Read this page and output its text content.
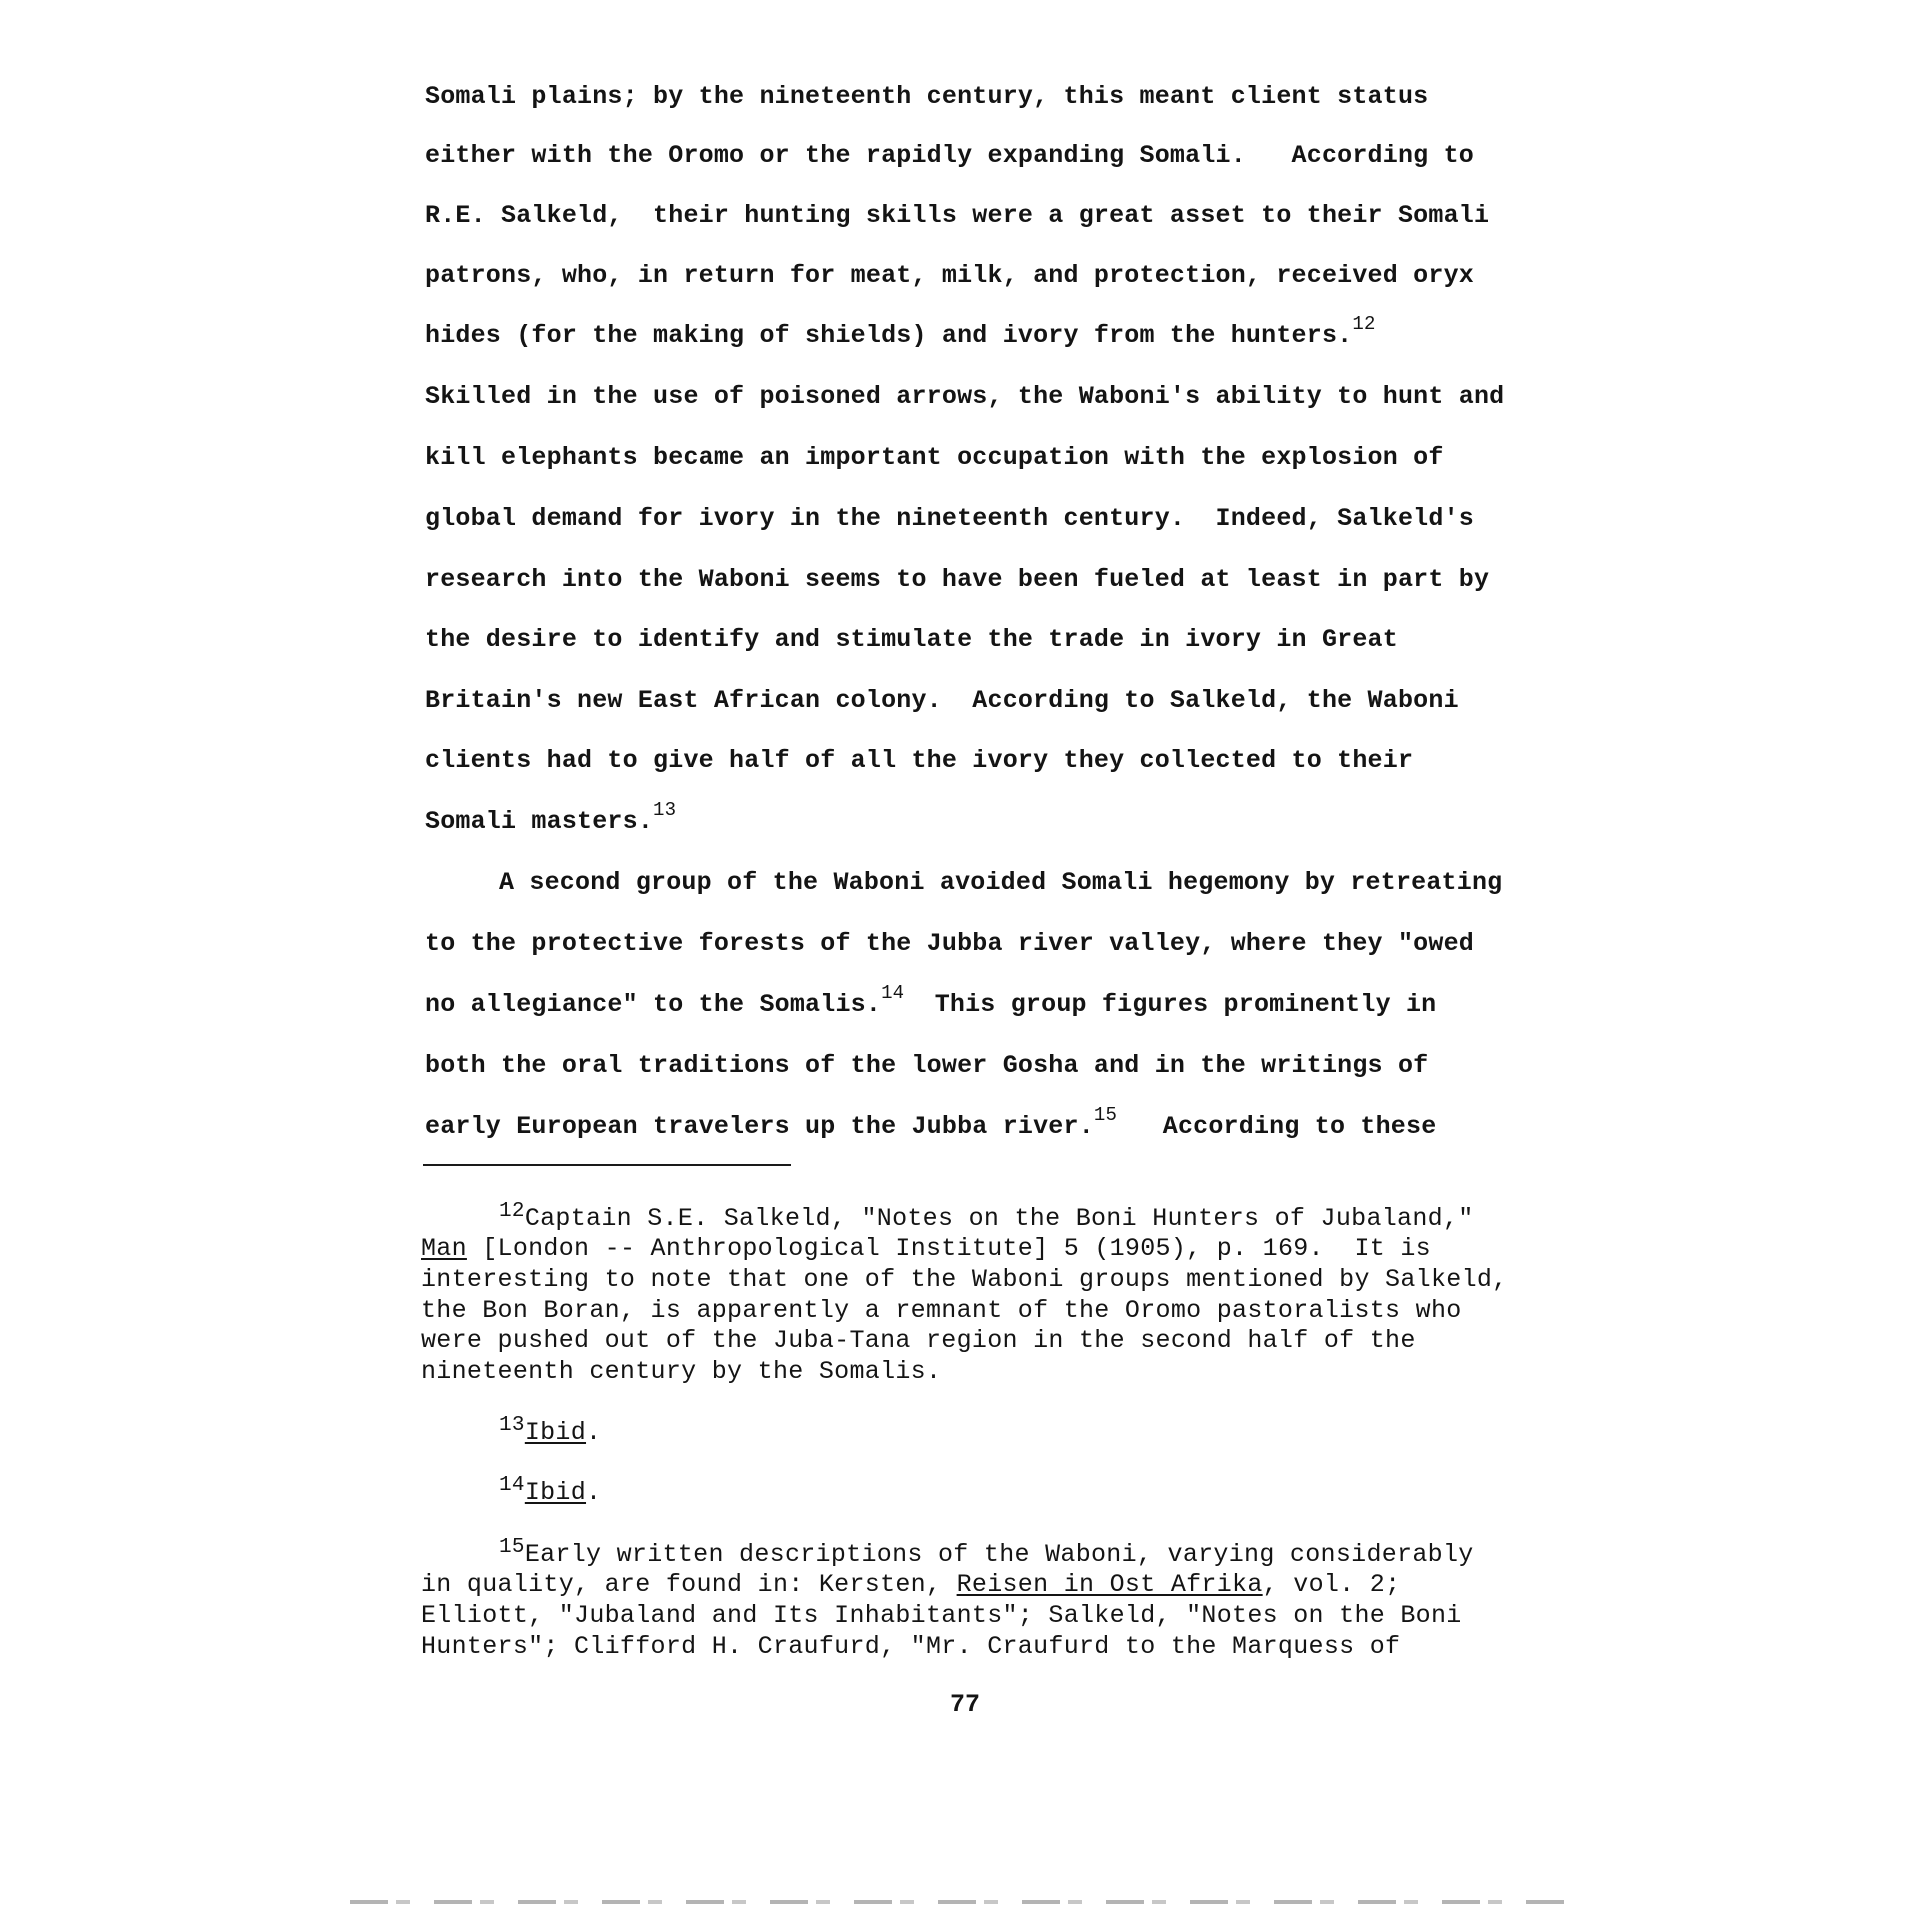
Somali plains; by the nineteenth century, this meant client status
either with the Oromo or the rapidly expanding Somali.   According to
R.E. Salkeld,  their hunting skills were a great asset to their Somali
patrons, who, in return for meat, milk, and protection, received oryx
hides (for the making of shields) and ivory from the hunters.$^{12}$
Skilled in the use of poisoned arrows, the Waboni's ability to hunt and
kill elephants became an important occupation with the explosion of
global demand for ivory in the nineteenth century.  Indeed, Salkeld's
research into the Waboni seems to have been fueled at least in part by
the desire to identify and stimulate the trade in ivory in Great
Britain's new East African colony.  According to Salkeld, the Waboni
clients had to give half of all the ivory they collected to their
Somali masters.$^{13}$
A second group of the Waboni avoided Somali hegemony by retreating
to the protective forests of the Jubba river valley, where they "owed
no allegiance" to the Somalis.$^{14}$ This group figures prominently in
both the oral traditions of the lower Gosha and in the writings of
early European travelers up the Jubba river.$^{15}$ According to these
$^{12}$Captain S.E. Salkeld, "Notes on the Boni Hunters of Jubaland,"
Man [London -- Anthropological Institute] 5 (1905), p. 169.  It is
interesting to note that one of the Waboni groups mentioned by Salkeld,
the Bon Boran, is apparently a remnant of the Oromo pastoralists who
were pushed out of the Juba-Tana region in the second half of the
nineteenth century by the Somalis.
$^{13}$Ibid.
$^{14}$Ibid.
$^{15}$Early written descriptions of the Waboni, varying considerably
in quality, are found in: Kersten, Reisen in Ost Afrika, vol. 2;
Elliott, "Jubaland and Its Inhabitants"; Salkeld, "Notes on the Boni
Hunters"; Clifford H. Craufurd, "Mr. Craufurd to the Marquess of
77
